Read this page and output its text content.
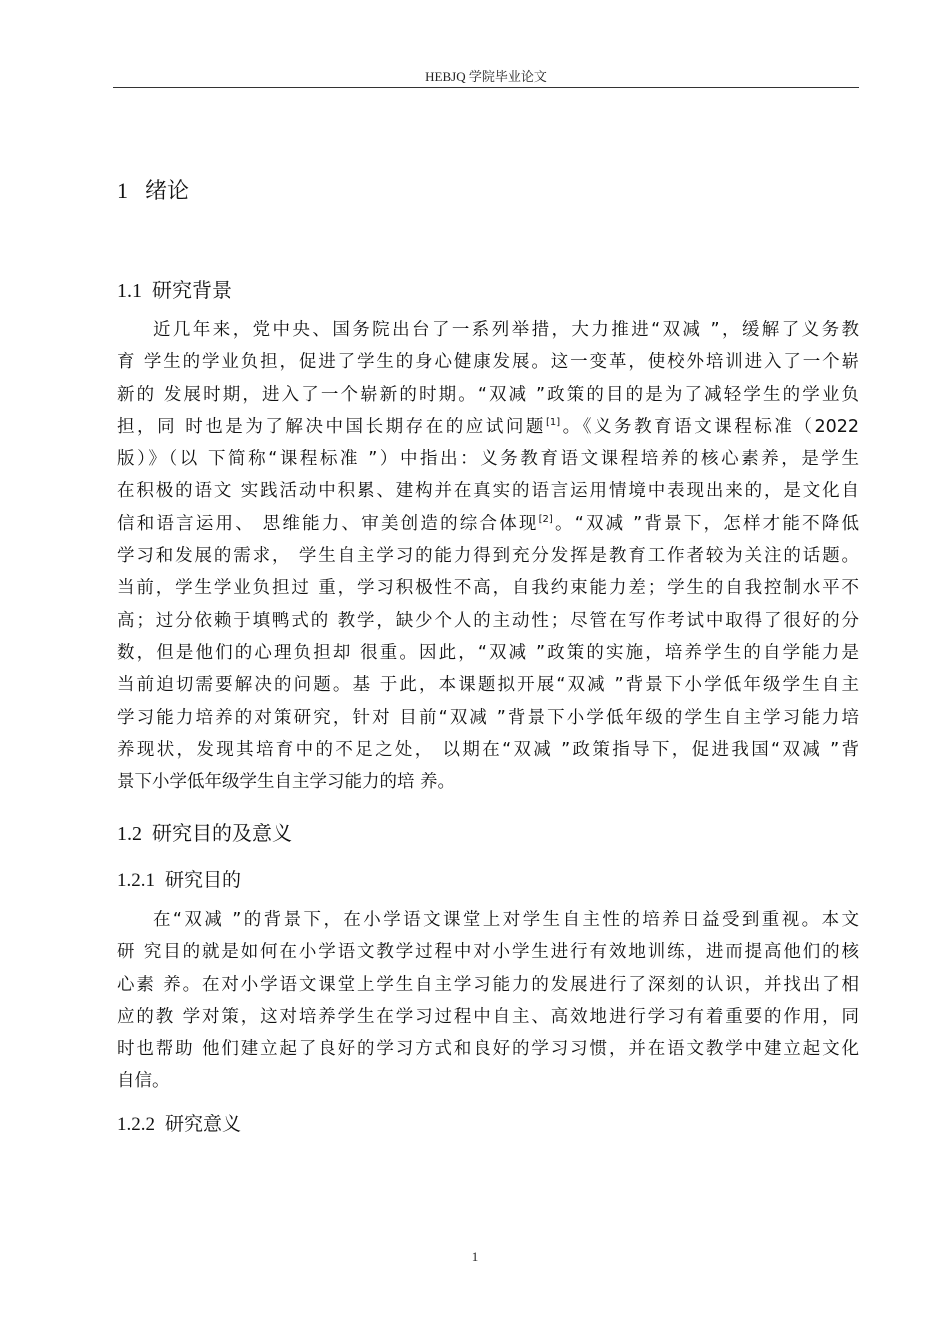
HEBJQ 学院毕业论文
1 绪论
1.1 研究背景
近几年来，党中央、国务院出台了一系列举措，大力推进“双减 ”，缓解了义务教
育 学生的学业负担，促进了学生的身心健康发展。这一变革，使校外培训进入了一个崭
新的 发展时期，进入了一个崭新的时期。“双减 ”政策的目的是为了减轻学生的学业负
担，同 时也是为了解决中国长期存在的应试问题[1]。《义务教育语文课程标准（2022
版）》（以 下简称“课程标准 ”）中指出：义务教育语文课程培养的核心素养，是学生
在积极的语文 实践活动中积累、建构并在真实的语言运用情境中表现出来的，是文化自
信和语言运用、 思维能力、审美创造的综合体现[2]。“双减 ”背景下，怎样才能不降低
学习和发展的需求， 学生自主学习的能力得到充分发挥是教育工作者较为关注的话题。
当前，学生学业负担过 重，学习积极性不高，自我约束能力差；学生的自我控制水平不
高；过分依赖于填鸭式的 教学，缺少个人的主动性；尽管在写作考试中取得了很好的分
数，但是他们的心理负担却 很重。因此，“双减 ”政策的实施，培养学生的自学能力是
当前迫切需要解决的问题。基 于此，本课题拟开展“双减 ”背景下小学低年级学生自主
学习能力培养的对策研究，针对 目前“双减 ”背景下小学低年级的学生自主学习能力培
养现状，发现其培育中的不足之处， 以期在“双减 ”政策指导下，促进我国“双减 ”背
景下小学低年级学生自主学习能力的培 养。
1.2 研究目的及意义
1.2.1 研究目的
在“双减 ”的背景下，在小学语文课堂上对学生自主性的培养日益受到重视。本文
研 究目的就是如何在小学语文教学过程中对小学生进行有效地训练，进而提高他们的核
心素 养。在对小学语文课堂上学生自主学习能力的发展进行了深刻的认识，并找出了相
应的教 学对策，这对培养学生在学习过程中自主、高效地进行学习有着重要的作用，同
时也帮助 他们建立起了良好的学习方式和良好的学习习惯，并在语文教学中建立起文化
自信。
1.2.2 研究意义
1
